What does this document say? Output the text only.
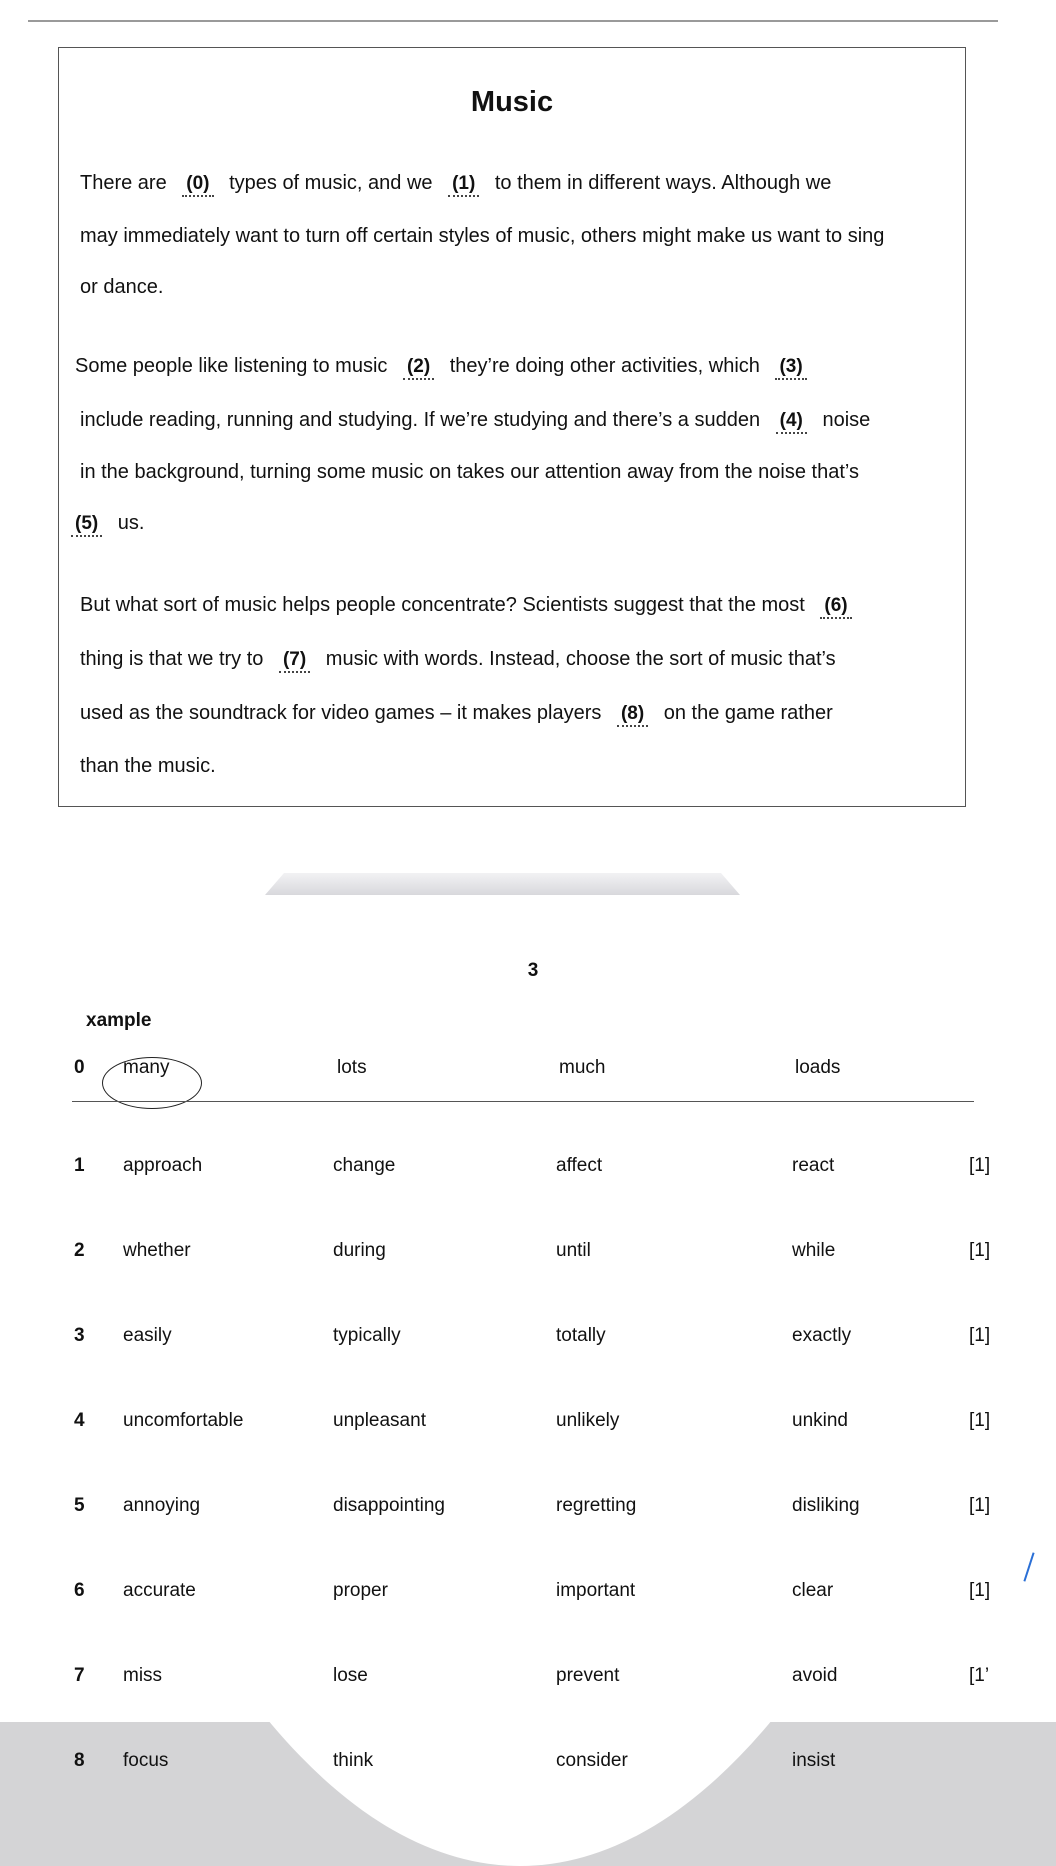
Music
There are (0) types of music, and we (1) to them in different ways. Although we
may immediately want to turn off certain styles of music, others might make us want to sing
or dance.
Some people like listening to music (2) they’re doing other activities, which (3)
include reading, running and studying. If we’re studying and there’s a sudden (4) noise
in the background, turning some music on takes our attention away from the noise that’s
(5) us.
But what sort of music helps people concentrate? Scientists suggest that the most (6)
thing is that we try to (7) music with words. Instead, choose the sort of music that’s
used as the soundtrack for video games – it makes players (8) on the game rather
than the music.
3
xample
0 many	lots	much	loads
1 approach	change	affect	react	[1]
2 whether	during	until	while	[1]
3 easily	typically	totally	exactly	[1]
4 uncomfortable	unpleasant	unlikely	unkind	[1]
5 annoying	disappointing	regretting	disliking	[1]
6 accurate	proper	important	clear	[1]
7 miss	lose	prevent	avoid	[1’
8 focus	think	consider	insist
